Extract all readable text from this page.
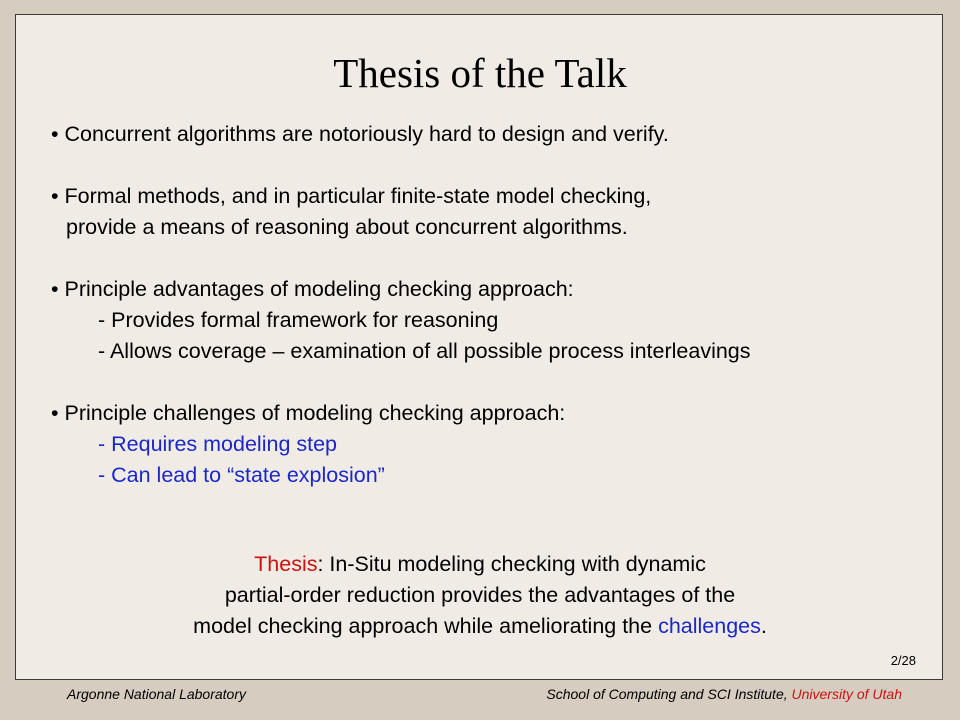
Thesis of the Talk
• Concurrent algorithms are notoriously hard to design and verify.
• Formal methods, and in particular finite-state model checking,
provide a means of reasoning about concurrent algorithms.
• Principle advantages of modeling checking approach:
- Provides formal framework for reasoning
- Allows coverage – examination of all possible process interleavings
• Principle challenges of modeling checking approach:
- Requires modeling step
- Can lead to “state explosion”
Thesis: In-Situ modeling checking with dynamic
partial-order reduction provides the advantages of the
model checking approach while ameliorating the challenges.
2/28
Argonne National Laboratory	School of Computing and SCI Institute, University of Utah
